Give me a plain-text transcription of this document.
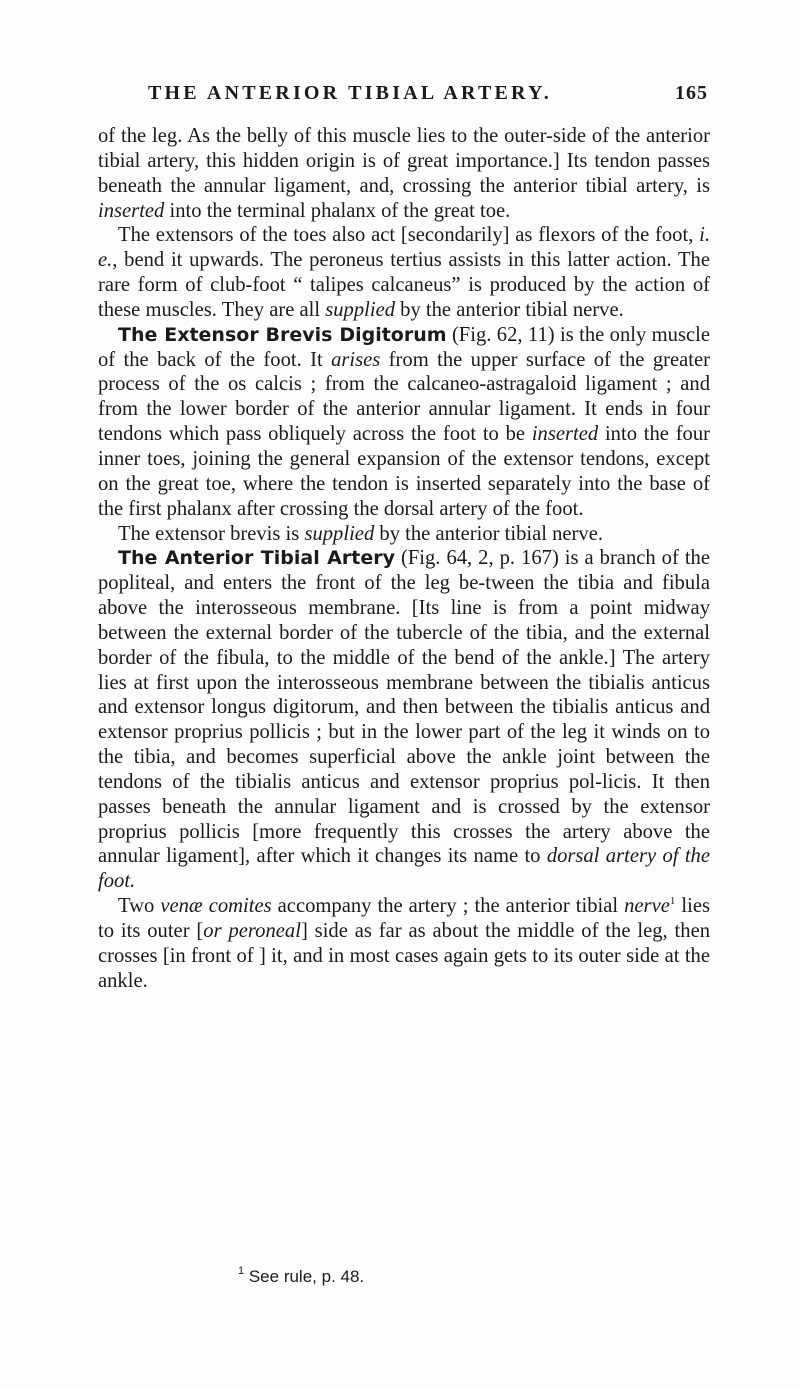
THE ANTERIOR TIBIAL ARTERY.	165

of the leg. As the belly of this muscle lies to the outer-side of the anterior tibial artery, this hidden origin is of great importance.] Its tendon passes beneath the annular ligament, and, crossing the anterior tibial artery, is inserted into the terminal phalanx of the great toe.

The extensors of the toes also act [secondarily] as flexors of the foot, i. e., bend it upwards. The peroneus tertius assists in this latter action. The rare form of club-foot “ talipes calcaneus” is produced by the action of these muscles. They are all supplied by the anterior tibial nerve.

The Extensor Brevis Digitorum (Fig. 62, 11) is the only muscle of the back of the foot. It arises from the upper surface of the greater process of the os calcis ; from the calcaneo-astragaloid ligament ; and from the lower border of the anterior annular ligament. It ends in four tendons which pass obliquely across the foot to be inserted into the four inner toes, joining the general expansion of the extensor tendons, except on the great toe, where the tendon is inserted separately into the base of the first phalanx after crossing the dorsal artery of the foot.

The extensor brevis is supplied by the anterior tibial nerve.

The Anterior Tibial Artery (Fig. 64, 2, p. 167) is a branch of the popliteal, and enters the front of the leg be-tween the tibia and fibula above the interosseous membrane. [Its line is from a point midway between the external border of the tubercle of the tibia, and the external border of the fibula, to the middle of the bend of the ankle.] The artery lies at first upon the interosseous membrane between the tibialis anticus and extensor longus digitorum, and then between the tibialis anticus and extensor proprius pollicis ; but in the lower part of the leg it winds on to the tibia, and becomes superficial above the ankle joint between the tendons of the tibialis anticus and extensor proprius pol-licis. It then passes beneath the annular ligament and is crossed by the extensor proprius pollicis [more frequently this crosses the artery above the annular ligament], after which it changes its name to dorsal artery of the foot.

Two venæ comites accompany the artery ; the anterior tibial nerve$^1$ lies to its outer [or peroneal] side as far as about the middle of the leg, then crosses [in front of ] it, and in most cases again gets to its outer side at the ankle.

$^1$ See rule, p. 48.
